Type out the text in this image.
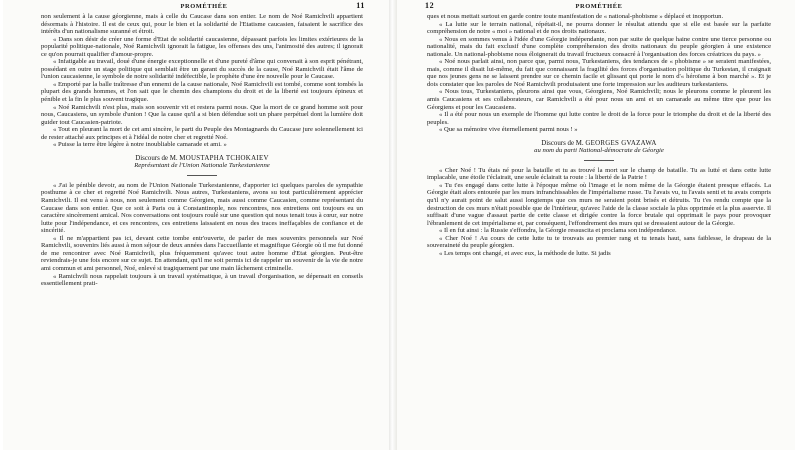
PROMÉTHÉE	11

non seulement à la cause géorgienne, mais à celle du Caucase dans son entier. Le nom de Noé Ramichvili appartient désormais à l'histoire. Il est de ceux qui, pour le bien et la solidarité de l'Etatisme caucasien, faisaient le sacrifice des intérêts d'un nationalisme suranné et étroit.

« Dans son désir de créer une forme d'Etat de solidarité caucasienne, dépassant parfois les limites extérieures de la popularité politique-nationale, Noé Ramichvili ignorait la fatigue, les offenses des uns, l'animosité des autres; il ignorait ce qu'on pourrait qualifier d'amour-propre.

« Infatigable au travail, doué d'une énergie exceptionnelle et d'une pureté d'âme qui convenait à son esprit pénétrant, possédant en outre un stage politique qui semblait être un garant du succès de la cause, Noé Ramichvili était l'âme de l'union caucasienne, le symbole de notre solidarité indéfectible, le prophète d'une ère nouvelle pour le Caucase.

« Emporté par la balle traîtresse d'un ennemi de la cause nationale, Noé Ramichvili est tombé, comme sont tombés la plupart des grands hommes, et l'on sait que le chemin des champions du droit et de la liberté est toujours épineux et pénible et la fin le plus souvent tragique.

« Noé Ramichvili n'est plus, mais son souvenir vit et restera parmi nous. Que la mort de ce grand homme soit pour nous, Caucasiens, un symbole d'union ! Que la cause qu'il a si bien défendue soit un phare perpétuel dont la lumière doit guider tout Caucasien-patriote.

« Tout en pleurant la mort de cet ami sincère, le parti du Peuple des Montagnards du Caucase jure solennellement ici de rester attaché aux principes et à l'idéal de notre cher et regretté Noé.

« Puisse la terre être légère à notre inoubliable camarade et ami. »

Discours de M. MOUSTAPHA TCHOKAIEV

Représentant de l'Union Nationale Turkestanienne

« J'ai le pénible devoir, au nom de l'Union Nationale Turkestanienne, d'apporter ici quelques paroles de sympathie posthume à ce cher et regretté Noé Ramichvili. Nous autres, Turkestaniens, avons su tout particulièrement apprécier Ramichvili. Il est venu à nous, non seulement comme Géorgien, mais aussi comme Caucasien, comme représentant du Caucase dans son entier. Que ce soit à Paris ou à Constantinople, nos rencontres, nos entretiens ont toujours eu un caractère sincèrement amical. Nos conversations ont toujours roulé sur une question qui nous tenait tous à cœur, sur notre lutte pour l'indépendance, et ces rencontres, ces entretiens laissaient en nous des traces ineffaçables de confiance et de sincérité.

« Il ne m'appartient pas ici, devant cette tombe entr'ouverte, de parler de mes souvenirs personnels sur Noé Ramichvili, souvenirs liés aussi à mon séjour de deux années dans l'accueillante et magnifique Géorgie où il me fut donné de me rencontrer avec Noé Ramichvili, plus fréquemment qu'avec tout autre homme d'Etat géorgien. Peut-être reviendrais-je une fois encore sur ce sujet. En attendant, qu'il me soit permis ici de rappeler un souvenir de la vie de notre ami commun et ami personnel, Noé, enlevé si tragiquement par une main lâchement criminelle.

« Ramichvili nous rappelait toujours à un travail systématique, à un travail d'organisation, se dépensait en conseils essentiellement prati-

12	PROMÉTHÉE

ques et nous mettait surtout en garde contre toute manifestation de « national-phobisme » déplacé et inopportun.

« La lutte sur le terrain national, répétait-il, ne pourra donner le résultat attendu que si elle est basée sur la parfaite compréhension de notre « moi » national et de nos droits nationaux.

« Nous en sommes venus à l'idée d'une Géorgie indépendante, non par suite de quelque haine contre une tierce personne ou nationalité, mais du fait exclusif d'une complète compréhension des droits nationaux du peuple géorgien à une existence nationale. Un national-phobisme nous éloignerait du travail fructueux consacré à l'organisation des forces créatrices du pays. »

« Noé nous parlait ainsi, non parce que, parmi nous, Turkestaniens, des tendances de « phobisme » se seraient manifestées, mais, comme il disait lui-même, du fait que connaissant la fragilité des forces d'organisation politique du Turkestan, il craignait que nos jeunes gens ne se laissent prendre sur ce chemin facile et glissant qui porte le nom d'« héroïsme à bon marché ». Et je dois constater que les paroles de Noé Ramichvili produisaient une forte impression sur les auditeurs turkestaniens.

« Nous tous, Turkestaniens, pleurons ainsi que vous, Géorgiens, Noé Ramichvili; nous le pleurons comme le pleurent les amis Caucasiens et ses collaborateurs, car Ramichvili a été pour nous un ami et un camarade au même titre que pour les Géorgiens et pour les Caucasiens.

« Il a été pour nous un exemple de l'homme qui lutte contre le droit de la force pour le triomphe du droit et de la liberté des peuples.

« Que sa mémoire vive éternellement parmi nous ! »

Discours de M. GEORGES GVAZAWA

au nom du parti National-démocrate de Géorgie

« Cher Noé ! Tu étais né pour la bataille et tu as trouvé la mort sur le champ de bataille. Tu as lutté et dans cette lutte implacable, une étoile t'éclairait, une seule éclairait ta route : la liberté de la Patrie !

« Tu t'es engagé dans cette lutte à l'époque même où l'image et le nom même de la Géorgie étaient presque effacés. La Géorgie était alors entourée par les murs infranchissables de l'impérialisme russe. Tu l'avais vu, tu l'avais senti et tu avais compris qu'il n'y aurait point de salut aussi longtemps que ces murs ne seraient point brisés et détruits. Tu t'es rendu compte que la destruction de ces murs n'était possible que de l'intérieur, qu'avec l'aide de la classe sociale la plus opprimée et la plus asservie. Il suffisait d'une vague d'assaut partie de cette classe et dirigée contre la force brutale qui opprimait le pays pour provoquer l'ébranlement de cet impérialisme et, par conséquent, l'effondrement des murs qui se dressaient autour de la Géorgie.

« Il en fut ainsi : la Russie s'effondra, la Géorgie ressuscita et proclama son indépendance.

« Cher Noé ! Au cours de cette lutte tu te trouvais au premier rang et tu tenais haut, sans faiblesse, le drapeau de la souveraineté du peuple géorgien.

« Les temps ont changé, et avec eux, la méthode de lutte. Si jadis
